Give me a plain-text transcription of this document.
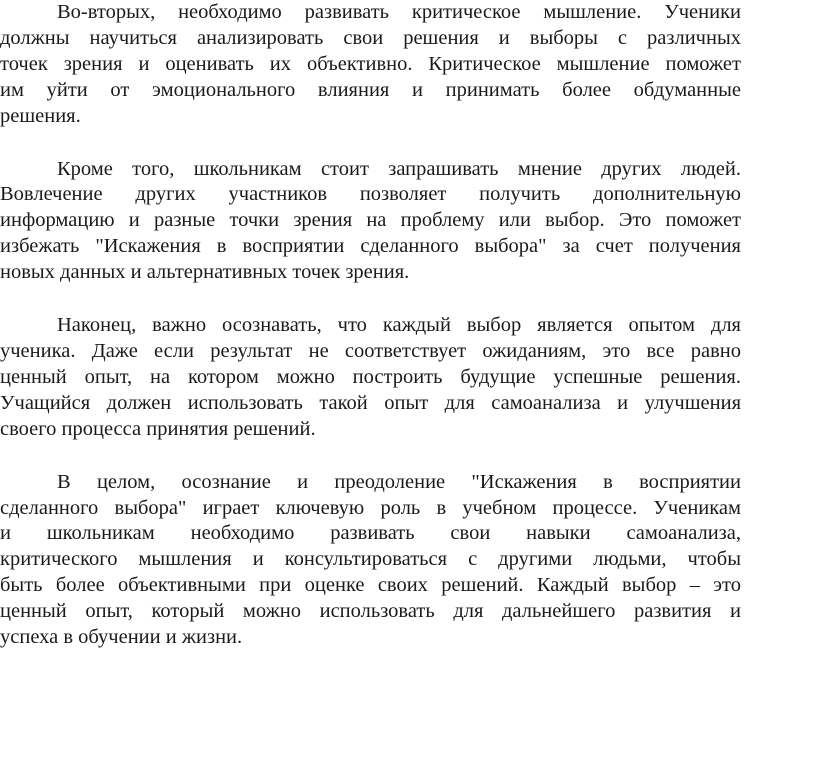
Во-вторых, необходимо развивать критическое мышление. Ученики
должны научиться анализировать свои решения и выборы с различных
точек зрения и оценивать их объективно. Критическое мышление поможет
им уйти от эмоционального влияния и принимать более обдуманные
решения.
Кроме того, школьникам стоит запрашивать мнение других людей.
Вовлечение других участников позволяет получить дополнительную
информацию и разные точки зрения на проблему или выбор. Это поможет
избежать "Искажения в восприятии сделанного выбора" за счет получения
новых данных и альтернативных точек зрения.
Наконец, важно осознавать, что каждый выбор является опытом для
ученика. Даже если результат не соответствует ожиданиям, это все равно
ценный опыт, на котором можно построить будущие успешные решения.
Учащийся должен использовать такой опыт для самоанализа и улучшения
своего процесса принятия решений.
В целом, осознание и преодоление "Искажения в восприятии
сделанного выбора" играет ключевую роль в учебном процессе. Ученикам
и школьникам необходимо развивать свои навыки самоанализа,
критического мышления и консультироваться с другими людьми, чтобы
быть более объективными при оценке своих решений. Каждый выбор – это
ценный опыт, который можно использовать для дальнейшего развития и
успеха в обучении и жизни.
